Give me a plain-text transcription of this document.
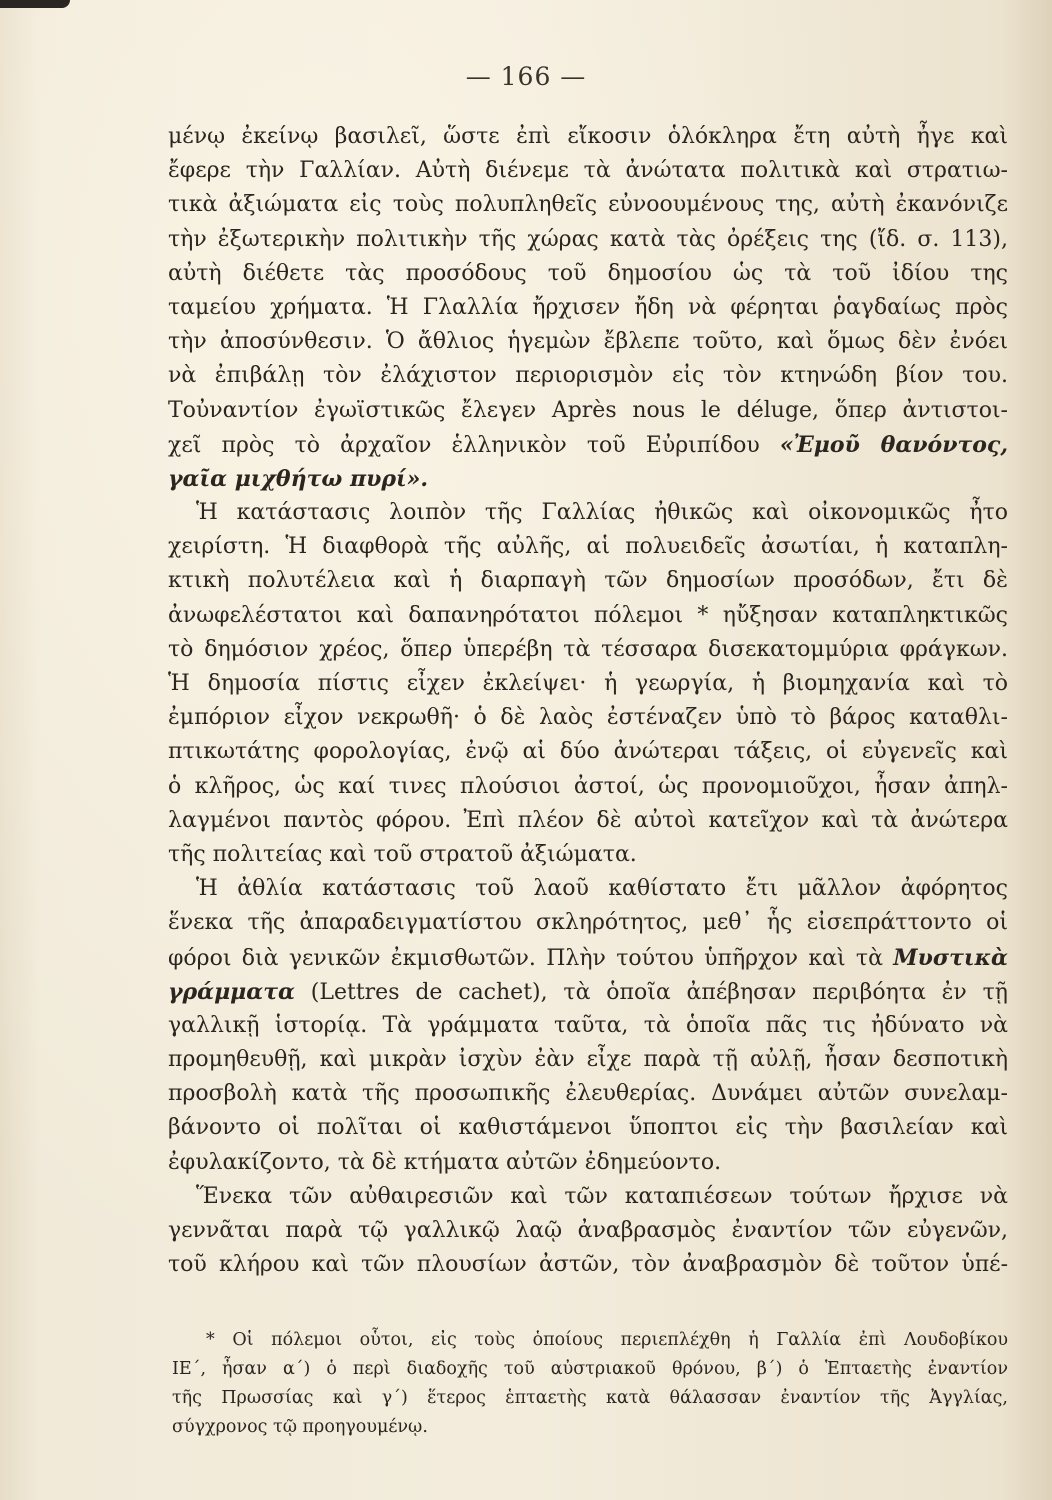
— 166 —
μένῳ ἐκείνῳ βασιλεῖ, ὥστε ἐπὶ εἴκοσιν ὁλόκληρα ἔτη αὐτὴ ἦγε καὶ
ἔφερε τὴν Γαλλίαν. Αὐτὴ διένεμε τὰ ἀνώτατα πολιτικὰ καὶ στρατιω-
τικὰ ἀξιώματα εἰς τοὺς πολυπληθεῖς εὐνοουμένους της, αὐτὴ ἐκανόνιζε
τὴν ἐξωτερικὴν πολιτικὴν τῆς χώρας κατὰ τὰς ὀρέξεις της (ἴδ. σ. 113),
αὐτὴ διέθετε τὰς προσόδους τοῦ δημοσίου ὡς τὰ τοῦ ἰδίου της
ταμείου χρήματα. Ἡ Γλαλλία ἤρχισεν ἤδη νὰ φέρηται ῥαγδαίως πρὸς
τὴν ἀποσύνθεσιν. Ὁ ἄθλιος ἡγεμὼν ἔβλεπε τοῦτο, καὶ ὅμως δὲν ἐνόει
νὰ ἐπιβάλῃ τὸν ἐλάχιστον περιορισμὸν εἰς τὸν κτηνώδη βίον του.
Τοὐναντίον ἐγωϊστικῶς ἔλεγεν Après nous le déluge, ὅπερ ἀντιστοι-
χεῖ πρὸς τὸ ἀρχαῖον ἑλληνικὸν τοῦ Εὐριπίδου «Ἐμοῦ θανόντος,
γαῖα μιχθήτω πυρί».
Ἡ κατάστασις λοιπὸν τῆς Γαλλίας ἠθικῶς καὶ οἰκονομικῶς ἦτο
χειρίστη. Ἡ διαφθορὰ τῆς αὐλῆς, αἱ πολυειδεῖς ἀσωτίαι, ἡ καταπλη-
κτικὴ πολυτέλεια καὶ ἡ διαρπαγὴ τῶν δημοσίων προσόδων, ἔτι δὲ
ἀνωφελέστατοι καὶ δαπανηρότατοι πόλεμοι * ηὔξησαν καταπληκτικῶς
τὸ δημόσιον χρέος, ὅπερ ὑπερέβη τὰ τέσσαρα δισεκατομμύρια φράγκων.
Ἡ δημοσία πίστις εἶχεν ἐκλείψει· ἡ γεωργία, ἡ βιομηχανία καὶ τὸ
ἐμπόριον εἶχον νεκρωθῆ· ὁ δὲ λαὸς ἐστέναζεν ὑπὸ τὸ βάρος καταθλι-
πτικωτάτης φορολογίας, ἐνῷ αἱ δύο ἀνώτεραι τάξεις, οἱ εὐγενεῖς καὶ
ὁ κλῆρος, ὡς καί τινες πλούσιοι ἀστοί, ὡς προνομιοῦχοι, ἦσαν ἀπηλ-
λαγμένοι παντὸς φόρου. Ἐπὶ πλέον δὲ αὐτοὶ κατεῖχον καὶ τὰ ἀνώτερα
τῆς πολιτείας καὶ τοῦ στρατοῦ ἀξιώματα.
Ἡ ἀθλία κατάστασις τοῦ λαοῦ καθίστατο ἔτι μᾶλλον ἀφόρητος
ἕνεκα τῆς ἀπαραδειγματίστου σκληρότητος, μεθ᾽ ἧς εἰσεπράττοντο οἱ
φόροι διὰ γενικῶν ἐκμισθωτῶν. Πλὴν τούτου ὑπῆρχον καὶ τὰ Μυστικὰ
γράμματα (Lettres de cachet), τὰ ὁποῖα ἀπέβησαν περιβόητα ἐν τῇ
γαλλικῇ ἱστορίᾳ. Τὰ γράμματα ταῦτα, τὰ ὁποῖα πᾶς τις ἠδύνατο νὰ
προμηθευθῇ, καὶ μικρὰν ἰσχὺν ἐὰν εἶχε παρὰ τῇ αὐλῇ, ἦσαν δεσποτικὴ
προσβολὴ κατὰ τῆς προσωπικῆς ἐλευθερίας. Δυνάμει αὐτῶν συνελαμ-
βάνοντο οἱ πολῖται οἱ καθιστάμενοι ὕποπτοι εἰς τὴν βασιλείαν καὶ
ἐφυλακίζοντο, τὰ δὲ κτήματα αὐτῶν ἐδημεύοντο.
Ἕνεκα τῶν αὐθαιρεσιῶν καὶ τῶν καταπιέσεων τούτων ἤρχισε νὰ
γεννᾶται παρὰ τῷ γαλλικῷ λαῷ ἀναβρασμὸς ἐναντίον τῶν εὐγενῶν,
τοῦ κλήρου καὶ τῶν πλουσίων ἀστῶν, τὸν ἀναβρασμὸν δὲ τοῦτον ὑπέ-
* Οἱ πόλεμοι οὗτοι, εἰς τοὺς ὁποίους περιεπλέχθη ἡ Γαλλία ἐπὶ Λουδοβίκου
ΙΕ΄, ἦσαν α΄) ὁ περὶ διαδοχῆς τοῦ αὐστριακοῦ θρόνου, β΄) ὁ Ἑπταετὴς ἐναντίον
τῆς Πρωσσίας καὶ γ΄) ἕτερος ἑπταετὴς κατὰ θάλασσαν ἐναντίον τῆς Ἀγγλίας,
σύγχρονος τῷ προηγουμένῳ.
